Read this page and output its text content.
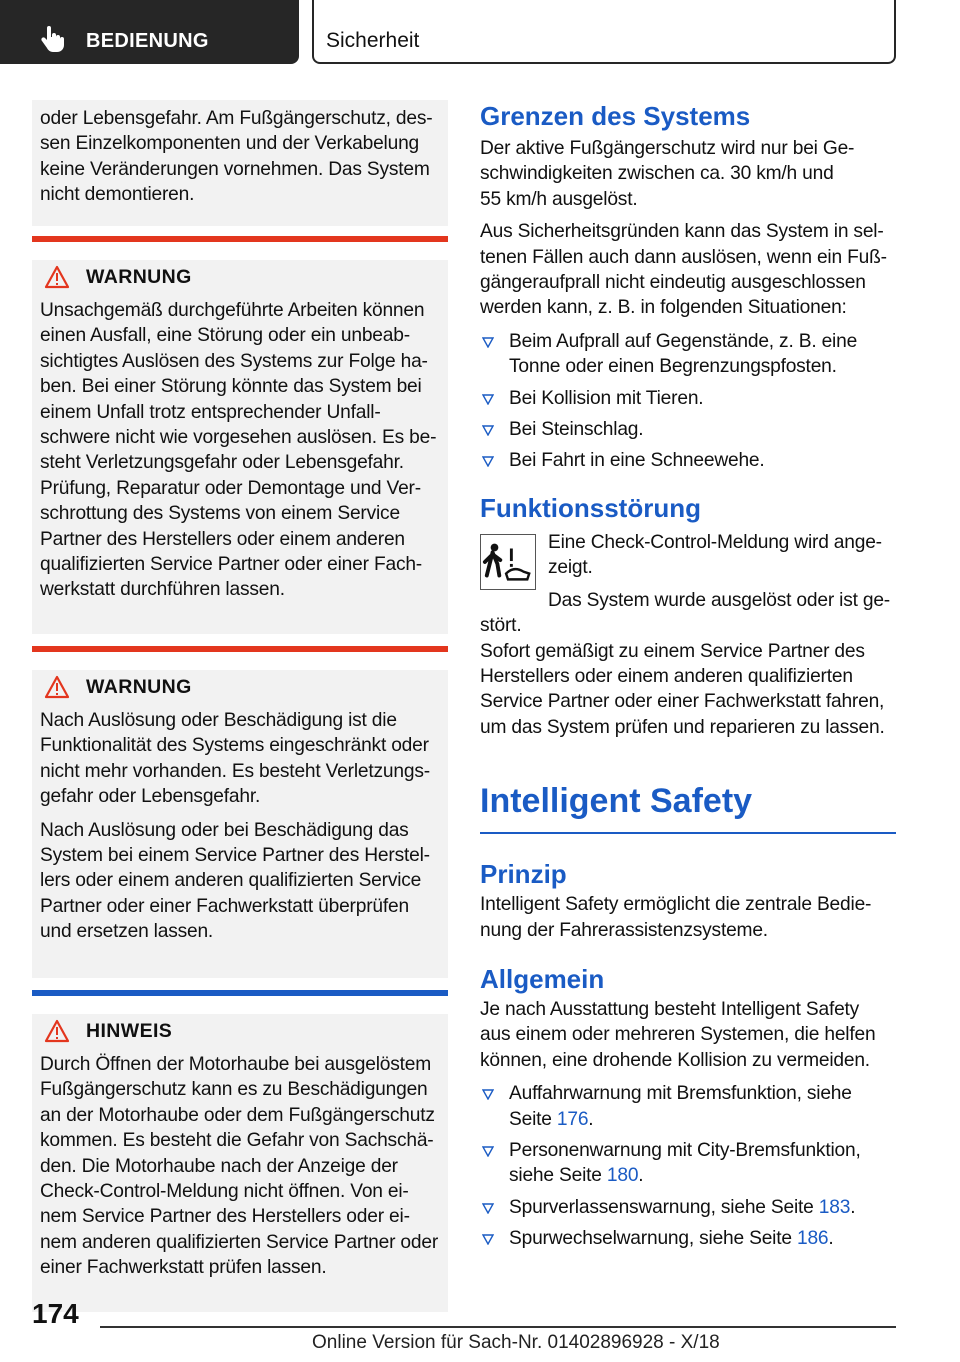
BEDIENUNG	Sicherheit

oder Lebensgefahr. Am Fußgängerschutz, des-
sen Einzelkomponenten und der Verkabelung
keine Veränderungen vornehmen. Das System
nicht demontieren.

WARNUNG

Unsachgemäß durchgeführte Arbeiten können
einen Ausfall, eine Störung oder ein unbeab-
sichtigtes Auslösen des Systems zur Folge ha-
ben. Bei einer Störung könnte das System bei
einem Unfall trotz entsprechender Unfall-
schwere nicht wie vorgesehen auslösen. Es be-
steht Verletzungsgefahr oder Lebensgefahr.
Prüfung, Reparatur oder Demontage und Ver-
schrottung des Systems von einem Service
Partner des Herstellers oder einem anderen
qualifizierten Service Partner oder einer Fach-
werkstatt durchführen lassen.

WARNUNG

Nach Auslösung oder Beschädigung ist die
Funktionalität des Systems eingeschränkt oder
nicht mehr vorhanden. Es besteht Verletzungs-
gefahr oder Lebensgefahr.

Nach Auslösung oder bei Beschädigung das
System bei einem Service Partner des Herstel-
lers oder einem anderen qualifizierten Service
Partner oder einer Fachwerkstatt überprüfen
und ersetzen lassen.

HINWEIS

Durch Öffnen der Motorhaube bei ausgelöstem
Fußgängerschutz kann es zu Beschädigungen
an der Motorhaube oder dem Fußgängerschutz
kommen. Es besteht die Gefahr von Sachschä-
den. Die Motorhaube nach der Anzeige der
Check-Control-Meldung nicht öffnen. Von ei-
nem Service Partner des Herstellers oder ei-
nem anderen qualifizierten Service Partner oder
einer Fachwerkstatt prüfen lassen.

Grenzen des Systems

Der aktive Fußgängerschutz wird nur bei Ge-
schwindigkeiten zwischen ca. 30 km/h und
55 km/h ausgelöst.

Aus Sicherheitsgründen kann das System in sel-
tenen Fällen auch dann auslösen, wenn ein Fuß-
gängeraufprall nicht eindeutig ausgeschlossen
werden kann, z. B. in folgenden Situationen:

Beim Aufprall auf Gegenstände, z. B. eine
Tonne oder einen Begrenzungspfosten.
Bei Kollision mit Tieren.
Bei Steinschlag.
Bei Fahrt in eine Schneewehe.
Funktionsstörung

Eine Check-Control-Meldung wird ange-
zeigt.

Das System wurde ausgelöst oder ist ge-

stört.

Sofort gemäßigt zu einem Service Partner des
Herstellers oder einem anderen qualifizierten
Service Partner oder einer Fachwerkstatt fahren,
um das System prüfen und reparieren zu lassen.

Intelligent Safety
Prinzip

Intelligent Safety ermöglicht die zentrale Bedie-
nung der Fahrerassistenzsysteme.

Allgemein

Je nach Ausstattung besteht Intelligent Safety
aus einem oder mehreren Systemen, die helfen
können, eine drohende Kollision zu vermeiden.

Auffahrwarnung mit Bremsfunktion, siehe
Seite 176.
Personenwarnung mit City-Bremsfunktion,
siehe Seite 180.
Spurverlassenswarnung, siehe Seite 183.
Spurwechselwarnung, siehe Seite 186.
174
Online Version für Sach-Nr. 01402896928 - X/18
